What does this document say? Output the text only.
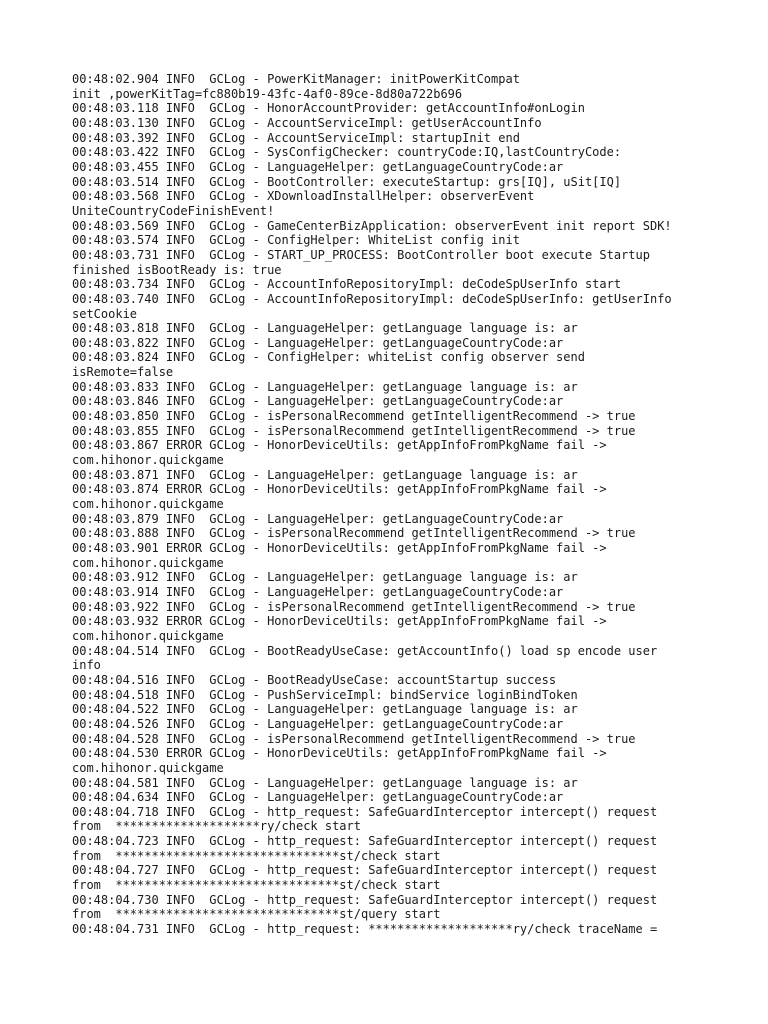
00:48:02.904 INFO  GCLog - PowerKitManager: initPowerKitCompat
init ,powerKitTag=fc880b19-43fc-4af0-89ce-8d80a722b696
00:48:03.118 INFO  GCLog - HonorAccountProvider: getAccountInfo#onLogin
00:48:03.130 INFO  GCLog - AccountServiceImpl: getUserAccountInfo
00:48:03.392 INFO  GCLog - AccountServiceImpl: startupInit end
00:48:03.422 INFO  GCLog - SysConfigChecker: countryCode:IQ,lastCountryCode:
00:48:03.455 INFO  GCLog - LanguageHelper: getLanguageCountryCode:ar
00:48:03.514 INFO  GCLog - BootController: executeStartup: grs[IQ], uSit[IQ]
00:48:03.568 INFO  GCLog - XDownloadInstallHelper: observerEvent
UniteCountryCodeFinishEvent!
00:48:03.569 INFO  GCLog - GameCenterBizApplication: observerEvent init report SDK!
00:48:03.574 INFO  GCLog - ConfigHelper: WhiteList config init
00:48:03.731 INFO  GCLog - START_UP_PROCESS: BootController boot execute Startup
finished isBootReady is: true
00:48:03.734 INFO  GCLog - AccountInfoRepositoryImpl: deCodeSpUserInfo start
00:48:03.740 INFO  GCLog - AccountInfoRepositoryImpl: deCodeSpUserInfo: getUserInfo
setCookie
00:48:03.818 INFO  GCLog - LanguageHelper: getLanguage language is: ar
00:48:03.822 INFO  GCLog - LanguageHelper: getLanguageCountryCode:ar
00:48:03.824 INFO  GCLog - ConfigHelper: whiteList config observer send
isRemote=false
00:48:03.833 INFO  GCLog - LanguageHelper: getLanguage language is: ar
00:48:03.846 INFO  GCLog - LanguageHelper: getLanguageCountryCode:ar
00:48:03.850 INFO  GCLog - isPersonalRecommend getIntelligentRecommend -> true
00:48:03.855 INFO  GCLog - isPersonalRecommend getIntelligentRecommend -> true
00:48:03.867 ERROR GCLog - HonorDeviceUtils: getAppInfoFromPkgName fail ->
com.hihonor.quickgame
00:48:03.871 INFO  GCLog - LanguageHelper: getLanguage language is: ar
00:48:03.874 ERROR GCLog - HonorDeviceUtils: getAppInfoFromPkgName fail ->
com.hihonor.quickgame
00:48:03.879 INFO  GCLog - LanguageHelper: getLanguageCountryCode:ar
00:48:03.888 INFO  GCLog - isPersonalRecommend getIntelligentRecommend -> true
00:48:03.901 ERROR GCLog - HonorDeviceUtils: getAppInfoFromPkgName fail ->
com.hihonor.quickgame
00:48:03.912 INFO  GCLog - LanguageHelper: getLanguage language is: ar
00:48:03.914 INFO  GCLog - LanguageHelper: getLanguageCountryCode:ar
00:48:03.922 INFO  GCLog - isPersonalRecommend getIntelligentRecommend -> true
00:48:03.932 ERROR GCLog - HonorDeviceUtils: getAppInfoFromPkgName fail ->
com.hihonor.quickgame
00:48:04.514 INFO  GCLog - BootReadyUseCase: getAccountInfo() load sp encode user
info
00:48:04.516 INFO  GCLog - BootReadyUseCase: accountStartup success
00:48:04.518 INFO  GCLog - PushServiceImpl: bindService loginBindToken
00:48:04.522 INFO  GCLog - LanguageHelper: getLanguage language is: ar
00:48:04.526 INFO  GCLog - LanguageHelper: getLanguageCountryCode:ar
00:48:04.528 INFO  GCLog - isPersonalRecommend getIntelligentRecommend -> true
00:48:04.530 ERROR GCLog - HonorDeviceUtils: getAppInfoFromPkgName fail ->
com.hihonor.quickgame
00:48:04.581 INFO  GCLog - LanguageHelper: getLanguage language is: ar
00:48:04.634 INFO  GCLog - LanguageHelper: getLanguageCountryCode:ar
00:48:04.718 INFO  GCLog - http_request: SafeGuardInterceptor intercept() request
from  ********************ry/check start
00:48:04.723 INFO  GCLog - http_request: SafeGuardInterceptor intercept() request
from  *******************************st/check start
00:48:04.727 INFO  GCLog - http_request: SafeGuardInterceptor intercept() request
from  *******************************st/check start
00:48:04.730 INFO  GCLog - http_request: SafeGuardInterceptor intercept() request
from  *******************************st/query start
00:48:04.731 INFO  GCLog - http_request: ********************ry/check traceName =
